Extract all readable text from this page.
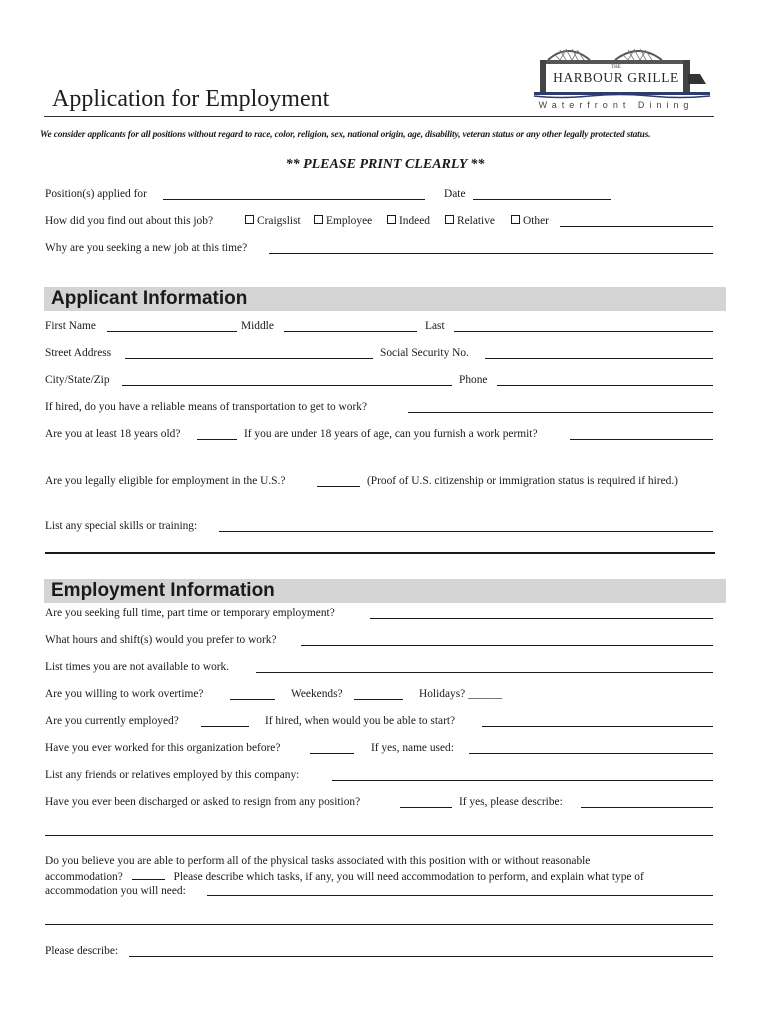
THE
HARBOUR GRILLE
Waterfront Dining
Application for Employment
We consider applicants for all positions without regard to race, color, religion, sex, national origin, age, disability, veteran status or any other legally protected status.
** PLEASE PRINT CLEARLY **
Position(s) applied for	Date
How did you find out about this job?	Craigslist	Employee	Indeed	Relative	Other
Why are you seeking a new job at this time?
Applicant Information
First Name	Middle	Last
Street Address	Social Security No.
City/State/Zip	Phone
If hired, do you have a reliable means of transportation to get to work?
Are you at least 18 years old?	If you are under 18 years of age, can you furnish a work permit?
Are you legally eligible for employment in the U.S.?	(Proof of U.S. citizenship or immigration status is required if hired.)
List any special skills or training:
Employment Information
Are you seeking full time, part time or temporary employment?
What hours and shift(s) would you prefer to work?
List times you are not available to work.
Are you willing to work overtime?	Weekends?	Holidays? ______
Are you currently employed?	If hired, when would you be able to start?
Have you ever worked for this organization before?	If yes, name used:
List any friends or relatives employed by this company:
Have you ever been discharged or asked to resign from any position?	If yes, please describe:
Do you believe you are able to perform all of the physical tasks associated with this position with or without reasonable
accommodation?	Please describe which tasks, if any, you will need accommodation to perform, and explain what type of
accommodation you will need:
Please describe:
